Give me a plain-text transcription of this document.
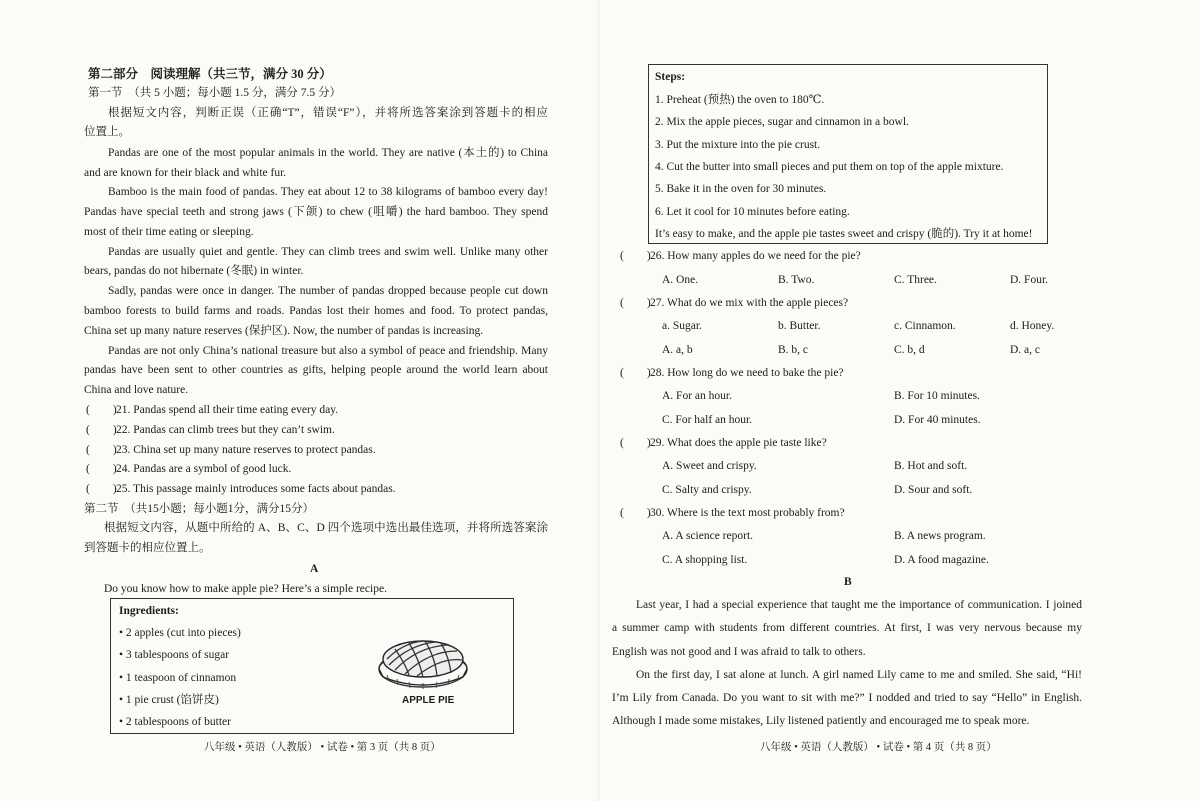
第二部分　阅读理解（共三节，满分 30 分）
第一节　（共 5 小题；每小题 1.5 分，满分 7.5 分）
根据短文内容，判断正误（正确“T”，错误“F”），并将所选答案涂到答题卡的相应
位置上。
Pandas are one of the most popular animals in the world. They are native (本土的) to China
and are known for their black and white fur.
Bamboo is the main food of pandas. They eat about 12 to 38 kilograms of bamboo every day!
Pandas have special teeth and strong jaws (下颌) to chew (咀嚼) the hard bamboo. They spend
most of their time eating or sleeping.
Pandas are usually quiet and gentle. They can climb trees and swim well. Unlike many other
bears, pandas do not hibernate (冬眠) in winter.
Sadly, pandas were once in danger. The number of pandas dropped because people cut down
bamboo forests to build farms and roads. Pandas lost their homes and food. To protect pandas,
China set up many nature reserves (保护区). Now, the number of pandas is increasing.
Pandas are not only China’s national treasure but also a symbol of peace and friendship. Many
pandas have been sent to other countries as gifts, helping people around the world learn about
China and love nature.
(　　) 21. Pandas spend all their time eating every day.
(　　) 22. Pandas can climb trees but they can’t swim.
(　　) 23. China set up many nature reserves to protect pandas.
(　　) 24. Pandas are a symbol of good luck.
(　　) 25. This passage mainly introduces some facts about pandas.
第二节　（共15小题；每小题1分，满分15分）
根据短文内容，从题中所给的 A、B、C、D 四个选项中选出最佳选项，并将所选答案涂
到答题卡的相应位置上。
A
Do you know how to make apple pie? Here’s a simple recipe.
Ingredients:
• 2 apples (cut into pieces)
• 3 tablespoons of sugar
• 1 teaspoon of cinnamon
• 1 pie crust (馅饼皮)
• 2 tablespoons of butter
APPLE PIE
八年级 • 英语（人教版） • 试卷 • 第 3 页（共 8 页）
Steps:
1. Preheat (预热) the oven to 180℃.
2. Mix the apple pieces, sugar and cinnamon in a bowl.
3. Put the mixture into the pie crust.
4. Cut the butter into small pieces and put them on top of the apple mixture.
5. Bake it in the oven for 30 minutes.
6. Let it cool for 10 minutes before eating.
It’s easy to make, and the apple pie tastes sweet and crispy (脆的). Try it at home!
(　　) 26. How many apples do we need for the pie?
A. One.	B. Two.	C. Three.	D. Four.
(　　) 27. What do we mix with the apple pieces?
a. Sugar.	b. Butter.	c. Cinnamon.	d. Honey.
A. a, b	B. b, c	C. b, d	D. a, c
(　　) 28. How long do we need to bake the pie?
A. For an hour.	B. For 10 minutes.
C. For half an hour.	D. For 40 minutes.
(　　) 29. What does the apple pie taste like?
A. Sweet and crispy.	B. Hot and soft.
C. Salty and crispy.	D. Sour and soft.
(　　) 30. Where is the text most probably from?
A. A science report.	B. A news program.
C. A shopping list.	D. A food magazine.
B
Last year, I had a special experience that taught me the importance of communication. I joined
a summer camp with students from different countries. At first, I was very nervous because my
English was not good and I was afraid to talk to others.
On the first day, I sat alone at lunch. A girl named Lily came to me and smiled. She said, “Hi!
I’m Lily from Canada. Do you want to sit with me?” I nodded and tried to say “Hello” in English.
Although I made some mistakes, Lily listened patiently and encouraged me to speak more.
八年级 • 英语（人教版） • 试卷 • 第 4 页（共 8 页）
